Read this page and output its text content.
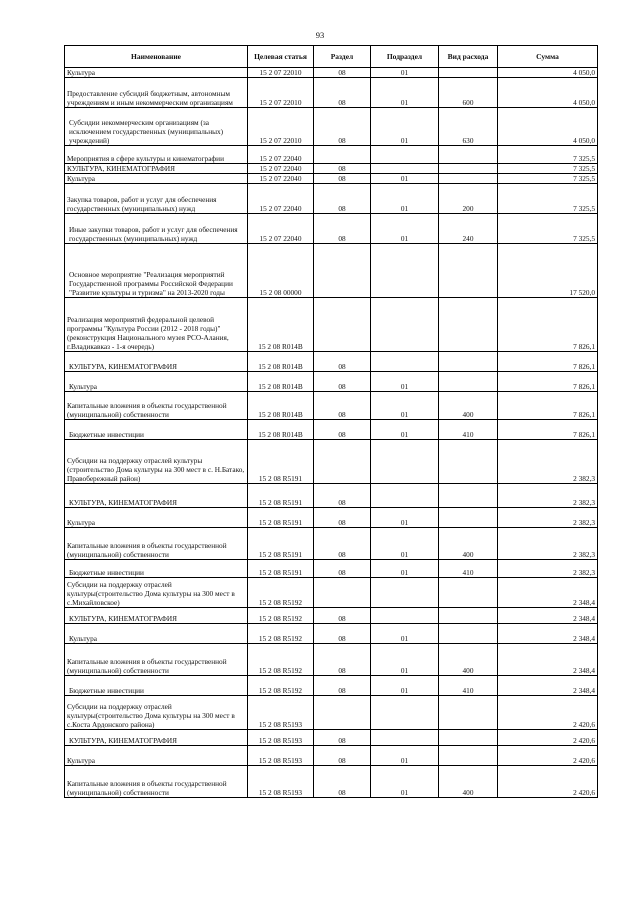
93
Наименование	Целевая статья	Раздел	Подраздел	Вид расхода	Сумма
Культура	15 2 07 22010	08	01		4 050,0
Предоставление субсидий бюджетным, автономным учреждениям и иным некоммерческим организациям	15 2 07 22010	08	01	600	4 050,0
Субсидии некоммерческим организациям (за исключением государственных (муниципальных) учреждений)	15 2 07 22010	08	01	630	4 050,0
Мероприятия в сфере культуры и кинематографии	15 2 07 22040				7 325,5
КУЛЬТУРА, КИНЕМАТОГРАФИЯ	15 2 07 22040	08			7 325,5
Культура	15 2 07 22040	08	01		7 325,5
Закупка товаров, работ и услуг для обеспечения государственных (муниципальных) нужд	15 2 07 22040	08	01	200	7 325,5
Иные закупки товаров, работ и услуг для обеспечения государственных (муниципальных) нужд	15 2 07 22040	08	01	240	7 325,5
Основное мероприятие "Реализация мероприятий Государственной программы Российской Федерации "Развитие культуры и туризма" на 2013-2020 годы	15 2 08 00000				17 520,0
Реализация мероприятий федеральной целевой программы "Культура России (2012 - 2018 годы)" (реконструкция Национального музея РСО-Алания, г.Владикавказ - 1-я очередь)	15 2 08 R014В				7 826,1
КУЛЬТУРА, КИНЕМАТОГРАФИЯ	15 2 08 R014В	08			7 826,1
Культура	15 2 08 R014В	08	01		7 826,1
Капитальные вложения в объекты государственной (муниципальной) собственности	15 2 08 R014В	08	01	400	7 826,1
Бюджетные инвестиции	15 2 08 R014В	08	01	410	7 826,1
Субсидии на поддержку отраслей культуры (строительство Дома культуры на 300 мест в с. Н.Батако, Правобережный район)	15 2 08 R5191				2 382,3
КУЛЬТУРА, КИНЕМАТОГРАФИЯ	15 2 08 R5191	08			2 382,3
Культура	15 2 08 R5191	08	01		2 382,3
Капитальные вложения в объекты государственной (муниципальной) собственности	15 2 08 R5191	08	01	400	2 382,3
Бюджетные инвестиции	15 2 08 R5191	08	01	410	2 382,3
Субсидии на поддержку отраслей культуры(строительство Дома культуры на 300 мест в с.Михайловское)	15 2 08 R5192				2 348,4
КУЛЬТУРА, КИНЕМАТОГРАФИЯ	15 2 08 R5192	08			2 348,4
Культура	15 2 08 R5192	08	01		2 348,4
Капитальные вложения в объекты государственной (муниципальной) собственности	15 2 08 R5192	08	01	400	2 348,4
Бюджетные инвестиции	15 2 08 R5192	08	01	410	2 348,4
Субсидии на поддержку отраслей культуры(строительство Дома культуры на 300 мест в с.Коста Ардонского района)	15 2 08 R5193				2 420,6
КУЛЬТУРА, КИНЕМАТОГРАФИЯ	15 2 08 R5193	08			2 420,6
Культура	15 2 08 R5193	08	01		2 420,6
Капитальные вложения в объекты государственной (муниципальной) собственности	15 2 08 R5193	08	01	400	2 420,6
